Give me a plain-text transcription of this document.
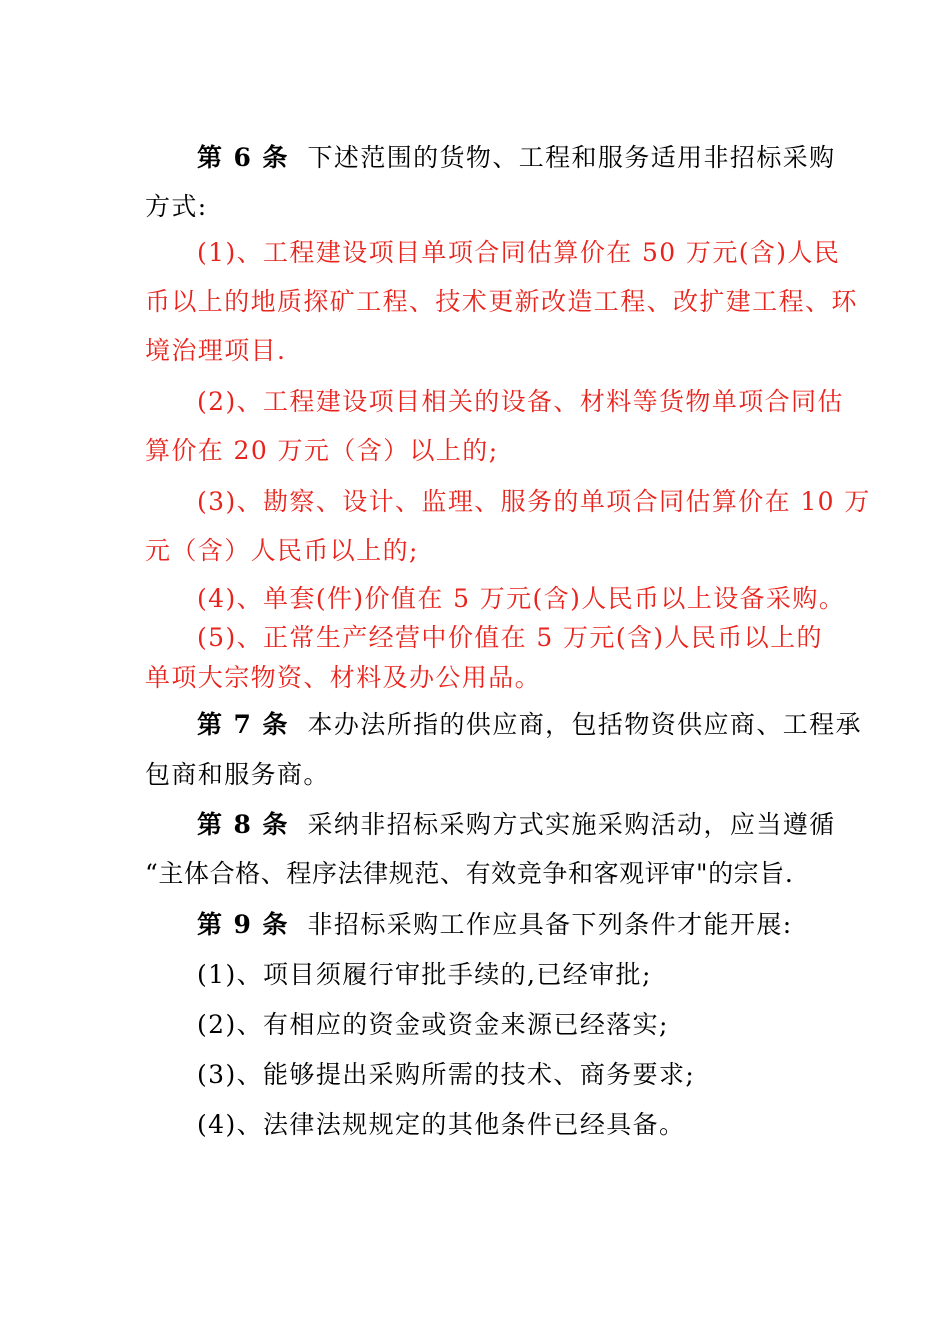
第 6 条 下述范围的货物、工程和服务适用非招标采购
方式:
(1)、工程建设项目单项合同估算价在 50 万元(含)人民
币以上的地质探矿工程、技术更新改造工程、改扩建工程、环
境治理项目.
(2)、工程建设项目相关的设备、材料等货物单项合同估
算价在 20 万元（含）以上的;
(3)、勘察、设计、监理、服务的单项合同估算价在 10 万
元（含）人民币以上的;
(4)、单套(件)价值在 5 万元(含)人民币以上设备采购。
(5)、正常生产经营中价值在 5 万元(含)人民币以上的
单项大宗物资、材料及办公用品。
第 7 条 本办法所指的供应商，包括物资供应商、工程承
包商和服务商。
第 8 条 采纳非招标采购方式实施采购活动，应当遵循
“主体合格、程序法律规范、有效竞争和客观评审"的宗旨.
第 9 条 非招标采购工作应具备下列条件才能开展:
(1)、项目须履行审批手续的,已经审批;
(2)、有相应的资金或资金来源已经落实;
(3)、能够提出采购所需的技术、商务要求;
(4)、法律法规规定的其他条件已经具备。
